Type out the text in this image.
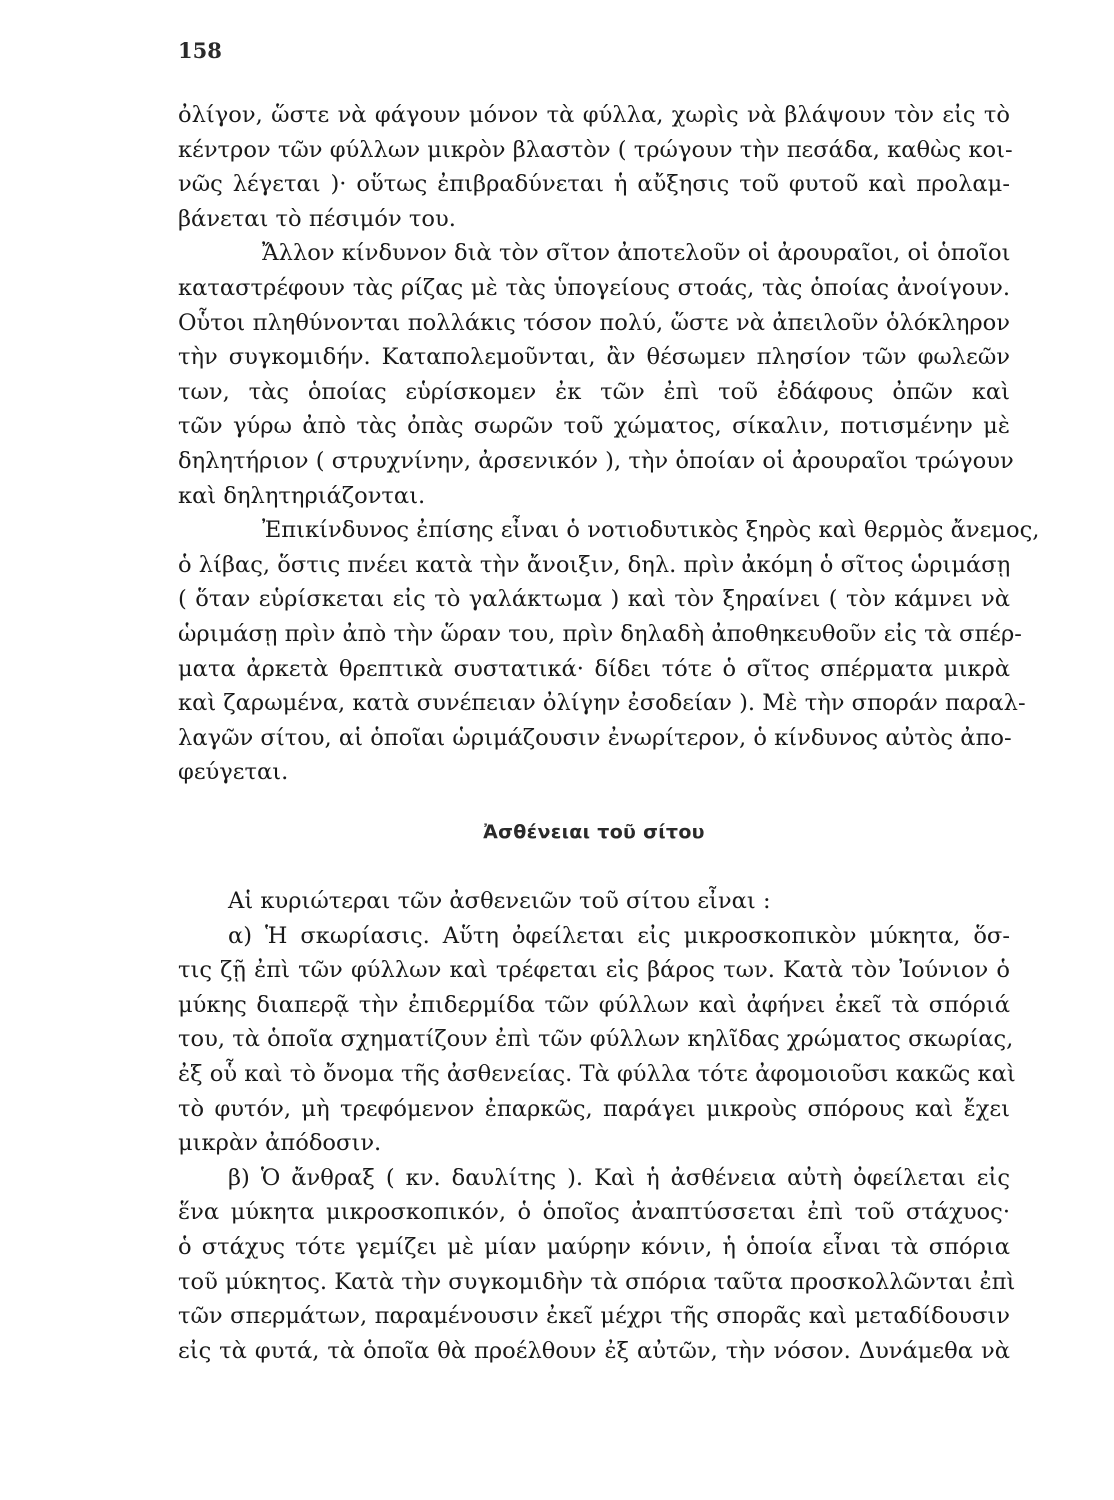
158
ὀλίγον, ὥστε νὰ φάγουν μόνον τὰ φύλλα, χωρὶς νὰ βλάψουν τὸν εἰς τὸ
κέντρον τῶν φύλλων μικρὸν βλαστὸν ( τρώγουν τὴν πεσάδα, καθὼς κοι-
νῶς λέγεται )· οὕτως ἐπιβραδύνεται ἡ αὔξησις τοῦ φυτοῦ καὶ προλαμ-
βάνεται τὸ πέσιμόν του.
Ἄλλον κίνδυνον διὰ τὸν σῖτον ἀποτελοῦν οἱ ἀρουραῖοι, οἱ ὁποῖοι
καταστρέφουν τὰς ρίζας μὲ τὰς ὑπογείους στοάς, τὰς ὁποίας ἀνοίγουν.
Οὗτοι πληθύνονται πολλάκις τόσον πολύ, ὥστε νὰ ἀπειλοῦν ὁλόκληρον
τὴν συγκομιδήν. Καταπολεμοῦνται, ἂν θέσωμεν πλησίον τῶν φωλεῶν
των, τὰς ὁποίας εὑρίσκομεν ἐκ τῶν ἐπὶ τοῦ ἐδάφους ὀπῶν καὶ
τῶν γύρω ἀπὸ τὰς ὀπὰς σωρῶν τοῦ χώματος, σίκαλιν, ποτισμένην μὲ
δηλητήριον ( στρυχνίνην, ἀρσενικόν ), τὴν ὁποίαν οἱ ἀρουραῖοι τρώγουν
καὶ δηλητηριάζονται.
Ἐπικίνδυνος ἐπίσης εἶναι ὁ νοτιοδυτικὸς ξηρὸς καὶ θερμὸς ἄνεμος,
ὁ λίβας, ὅστις πνέει κατὰ τὴν ἄνοιξιν, δηλ. πρὶν ἀκόμη ὁ σῖτος ὡριμάσῃ
( ὅταν εὑρίσκεται εἰς τὸ γαλάκτωμα ) καὶ τὸν ξηραίνει ( τὸν κάμνει νὰ
ὡριμάσῃ πρὶν ἀπὸ τὴν ὥραν του, πρὶν δηλαδὴ ἀποθηκευθοῦν εἰς τὰ σπέρ-
ματα ἀρκετὰ θρεπτικὰ συστατικά· δίδει τότε ὁ σῖτος σπέρματα μικρὰ
καὶ ζαρωμένα, κατὰ συνέπειαν ὀλίγην ἐσοδείαν ). Μὲ τὴν σποράν παραλ-
λαγῶν σίτου, αἱ ὁποῖαι ὡριμάζουσιν ἐνωρίτερον, ὁ κίνδυνος αὐτὸς ἀπο-
φεύγεται.
Ἀσθένειαι τοῦ σίτου
Αἱ κυριώτεραι τῶν ἀσθενειῶν τοῦ σίτου εἶναι :
α) Ἡ σκωρίασις. Αὕτη ὀφείλεται εἰς μικροσκοπικὸν μύκητα, ὅσ-
τις ζῇ ἐπὶ τῶν φύλλων καὶ τρέφεται εἰς βάρος των. Κατὰ τὸν Ἰούνιον ὁ
μύκης διαπερᾷ τὴν ἐπιδερμίδα τῶν φύλλων καὶ ἀφήνει ἐκεῖ τὰ σπόριά
του, τὰ ὁποῖα σχηματίζουν ἐπὶ τῶν φύλλων κηλῖδας χρώματος σκωρίας,
ἐξ οὗ καὶ τὸ ὄνομα τῆς ἀσθενείας. Τὰ φύλλα τότε ἀφομοιοῦσι κακῶς καὶ
τὸ φυτόν, μὴ τρεφόμενον ἐπαρκῶς, παράγει μικροὺς σπόρους καὶ ἔχει
μικρὰν ἀπόδοσιν.
β) Ὁ ἄνθραξ ( κν. δαυλίτης ). Καὶ ἡ ἀσθένεια αὐτὴ ὀφείλεται εἰς
ἕνα μύκητα μικροσκοπικόν, ὁ ὁποῖος ἀναπτύσσεται ἐπὶ τοῦ στάχυος·
ὁ στάχυς τότε γεμίζει μὲ μίαν μαύρην κόνιν, ἡ ὁποία εἶναι τὰ σπόρια
τοῦ μύκητος. Κατὰ τὴν συγκομιδὴν τὰ σπόρια ταῦτα προσκολλῶνται ἐπὶ
τῶν σπερμάτων, παραμένουσιν ἐκεῖ μέχρι τῆς σπορᾶς καὶ μεταδίδουσιν
εἰς τὰ φυτά, τὰ ὁποῖα θὰ προέλθουν ἐξ αὐτῶν, τὴν νόσον. Δυνάμεθα νὰ
